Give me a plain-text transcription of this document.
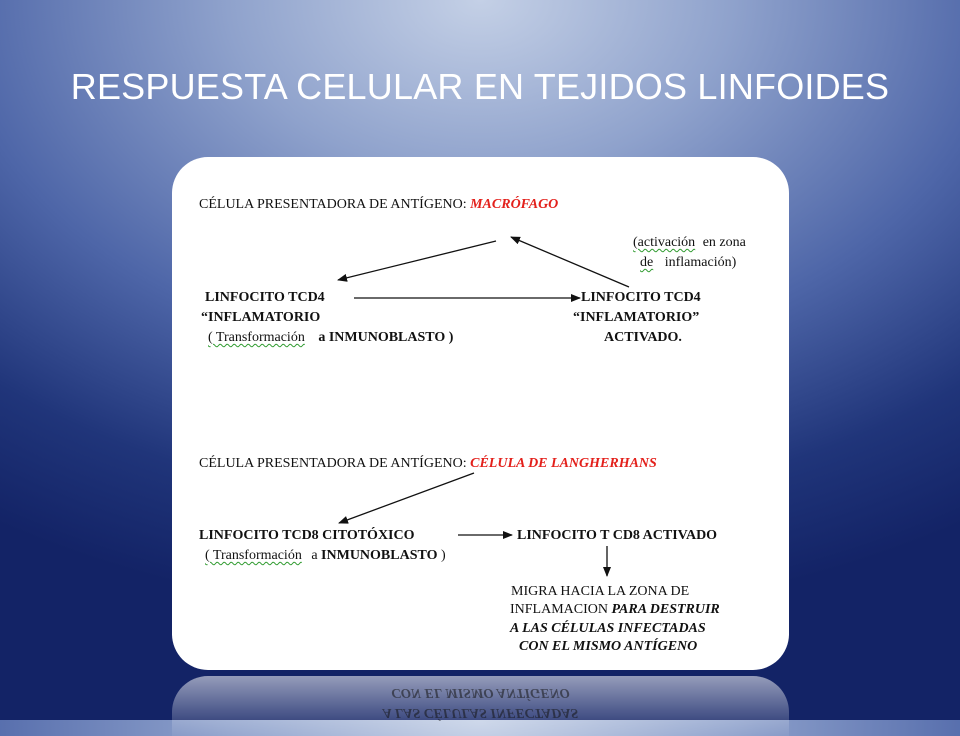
RESPUESTA CELULAR EN TEJIDOS LINFOIDES
CÉLULA PRESENTADORA DE ANTÍGENO: MACRÓFAGO
(activación en zona
de inflamación)
LINFOCITO TCD4
“INFLAMATORIO
( Transformación a INMUNOBLASTO )
LINFOCITO TCD4
“INFLAMATORIO”
ACTIVADO.
CÉLULA PRESENTADORA DE ANTÍGENO: CÉLULA DE LANGHERHANS
LINFOCITO TCD8 CITOTÓXICO
( Transformación a INMUNOBLASTO )
LINFOCITO T CD8 ACTIVADO
MIGRA HACIA LA ZONA DE
INFLAMACION PARA DESTRUIR
A LAS CÉLULAS INFECTADAS
CON EL MISMO ANTÍGENO
CON EL MISMO ANTÍGENO
A LAS CÉLULAS INFECTADAS
